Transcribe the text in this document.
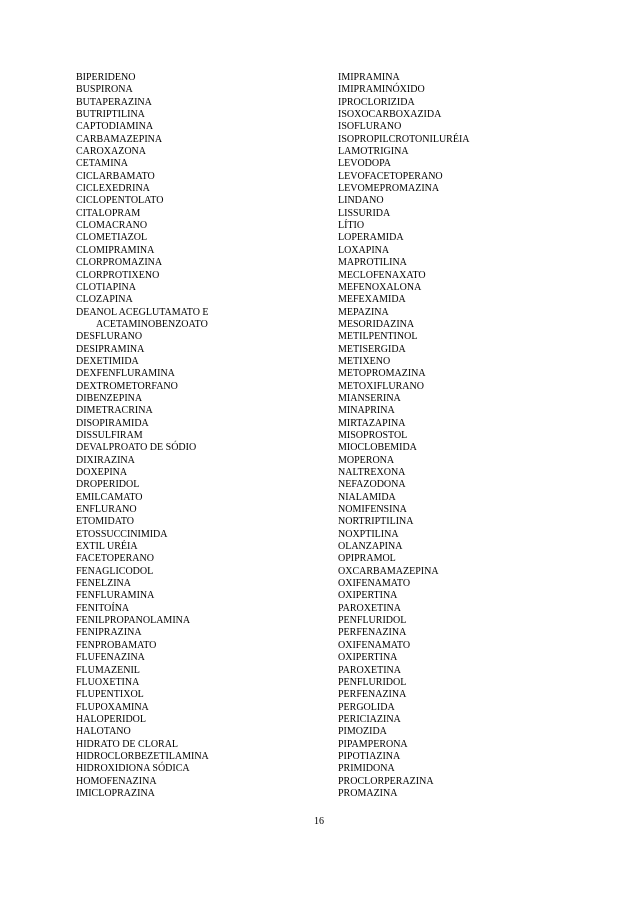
BIPERIDENO
BUSPIRONA
BUTAPERAZINA
BUTRIPTILINA
CAPTODIAMINA
CARBAMAZEPINA
CAROXAZONA
CETAMINA
CICLARBAMATO
CICLEXEDRINA
CICLOPENTOLATO
CITALOPRAM
CLOMACRANO
CLOMETIAZOL
CLOMIPRAMINA
CLORPROMAZINA
CLORPROTIXENO
CLOTIAPINA
CLOZAPINA
DEANOL ACEGLUTAMATO E
ACETAMINOBENZOATO
DESFLURANO
DESIPRAMINA
DEXETIMIDA
DEXFENFLURAMINA
DEXTROMETORFANO
DIBENZEPINA
DIMETRACRINA
DISOPIRAMIDA
DISSULFIRAM
DEVALPROATO DE SÓDIO
DIXIRAZINA
DOXEPINA
DROPERIDOL
EMILCAMATO
ENFLURANO
ETOMIDATO
ETOSSUCCINIMIDA
EXTIL URÉIA
FACETOPERANO
FENAGLICODOL
FENELZINA
FENFLURAMINA
FENITOÍNA
FENILPROPANOLAMINA
FENIPRAZINA
FENPROBAMATO
FLUFENAZINA
FLUMAZENIL
FLUOXETINA
FLUPENTIXOL
FLUPOXAMINA
HALOPERIDOL
HALOTANO
HIDRATO DE CLORAL
HIDROCLORBEZETILAMINA
HIDROXIDIONA SÓDICA
HOMOFENAZINA
IMICLOPRAZINA
IMIPRAMINA
IMIPRAMINÓXIDO
IPROCLORIZIDA
ISOXOCARBOXAZIDA
ISOFLURANO
ISOPROPILCROTONILURÉIA
LAMOTRIGINA
LEVODOPA
LEVOFACETOPERANO
LEVOMEPROMAZINA
LINDANO
LISSURIDA
LÍTIO
LOPERAMIDA
LOXAPINA
MAPROTILINA
MECLOFENAXATO
MEFENOXALONA
MEFEXAMIDA
MEPAZINA
MESORIDAZINA
METILPENTINOL
METISERGIDA
METIXENO
METOPROMAZINA
METOXIFLURANO
MIANSERINA
MINAPRINA
MIRTAZAPINA
MISOPROSTOL
MIOCLOBEMIDA
MOPERONA
NALTREXONA
NEFAZODONA
NIALAMIDA
NOMIFENSINA
NORTRIPTILINA
NOXPTILINA
OLANZAPINA
OPIPRAMOL
OXCARBAMAZEPINA
OXIFENAMATO
OXIPERTINA
PAROXETINA
PENFLURIDOL
PERFENAZINA
OXIFENAMATO
OXIPERTINA
PAROXETINA
PENFLURIDOL
PERFENAZINA
PERGOLIDA
PERICIAZINA
PIMOZIDA
PIPAMPERONA
PIPOTIAZINA
PRIMIDONA
PROCLORPERAZINA
PROMAZINA
16
